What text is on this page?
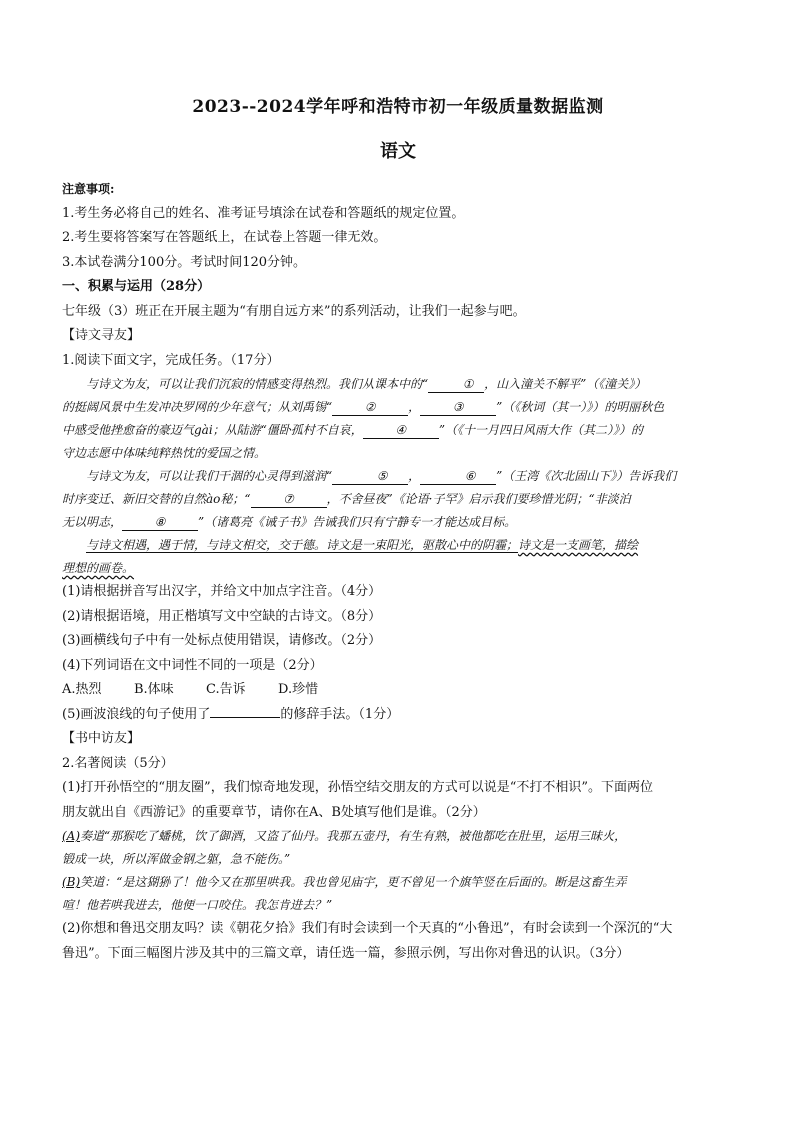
2023--2024学年呼和浩特市初一年级质量数据监测

语文

注意事项:

1.考生务必将自己的姓名、准考证号填涂在试卷和答题纸的规定位置。

2.考生要将答案写在答题纸上，在试卷上答题一律无效。

3.本试卷满分100分。考试时间120分钟。

一、积累与运用（28分）

七年级（3）班正在开展主题为“有朋自远方来”的系列活动，让我们一起参与吧。

【诗文寻友】

1.阅读下面文字，完成任务。（17分）

与诗文为友，可以让我们沉寂的情感变得热烈。我们从课本中的“	① ，山入潼关不解平”（《潼关》）

的挺阔风景中生发冲决罗网的少年意气；从刘禹锡“	②	，	③	”（《秋词（其一）》）的明丽秋色

中感受他挫愈奋的豪迈气gài；从陆游“僵卧孤村不自哀，	④	”（《十一月四日风雨大作（其二）》）的

守边志愿中体味纯粹热忱的爱国之情。

与诗文为友，可以让我们干涸的心灵得到滋润“	⑤ ，	⑥ ”（王湾《次北固山下》）告诉我们

时序变迁、新旧交替的自然ào秘；“	⑦	，不舍昼夜”《论语·子罕》启示我们要珍惜光阴；“非淡泊

无以明志，	⑧	”（诸葛亮《诫子书》告诫我们只有宁静专一才能达成目标。

与诗文相遇，遇于情，与诗文相交，交于德。诗文是一束阳光，驱散心中的阴霾；诗文是一支画笔，描绘

理想的画卷。

(1)请根据拼音写出汉字，并给文中加点字注音。（4分）

(2)请根据语境，用正楷填写文中空缺的古诗文。（8分）

(3)画横线句子中有一处标点使用错误，请修改。（2分）

(4)下列词语在文中词性不同的一项是（2分）

A.热烈 B.体味 C.告诉 D.珍惜

(5)画波浪线的句子使用了	的修辞手法。（1分）

【书中访友】

2.名著阅读（5分）

(1)打开孙悟空的“朋友圈”，我们惊奇地发现，孙悟空结交朋友的方式可以说是“不打不相识”。下面两位

朋友就出自《西游记》的重要章节，请你在A、B处填写他们是谁。（2分）

(A)奏道“那猴吃了蟠桃，饮了御酒，又盗了仙丹。我那五壶丹，有生有熟，被他都吃在肚里，运用三昧火，

锻成一块，所以浑做金钢之躯，急不能伤。”

(B)笑道：“是这猢狲了！他今又在那里哄我。我也曾见庙宇，更不曾见一个旗竿竖在后面的。断是这畜生弄

喧！他若哄我进去，他便一口咬住。我怎肯进去？”

(2)你想和鲁迅交朋友吗？读《朝花夕拾》我们有时会读到一个天真的“小鲁迅”，有时会读到一个深沉的“大

鲁迅”。下面三幅图片涉及其中的三篇文章，请任选一篇，参照示例，写出你对鲁迅的认识。（3分）
